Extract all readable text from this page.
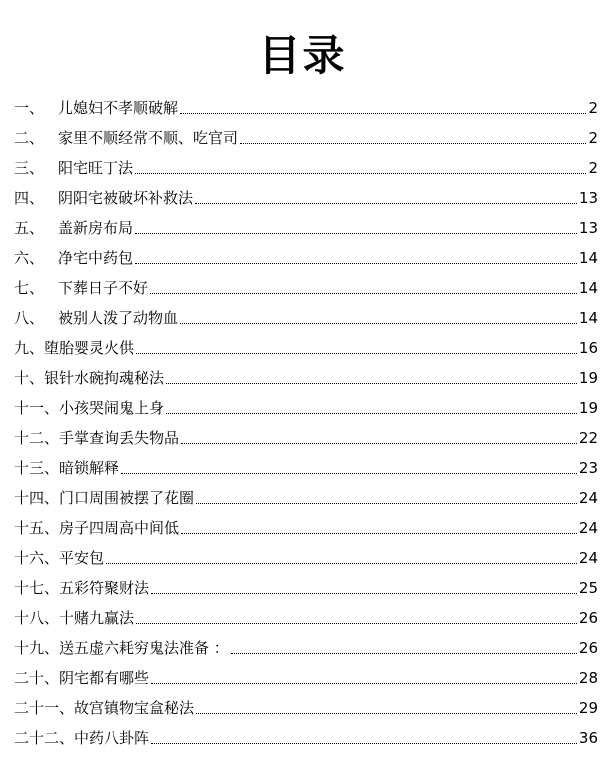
目录
一、 儿媳妇不孝顺破解	2
二、 家里不顺经常不顺、吃官司	2
三、 阳宅旺丁法	2
四、 阴阳宅被破坏补救法	13
五、 盖新房布局	13
六、 净宅中药包	14
七、 下葬日子不好	14
八、 被别人泼了动物血	14
九、 堕胎婴灵火供	16
十、 银针水碗拘魂秘法	19
十一、 小孩哭闹鬼上身	19
十二、 手掌查询丢失物品	22
十三、 暗锁解释	23
十四、 门口周围被摆了花圈	24
十五、 房子四周高中间低	24
十六、 平安包	24
十七、 五彩符聚财法	25
十八、 十赌九赢法	26
十九、 送五虚六耗穷鬼法准备 ：	26
二十、 阴宅都有哪些	28
二十一、 故宫镇物宝盒秘法	29
二十二、 中药八卦阵	36
